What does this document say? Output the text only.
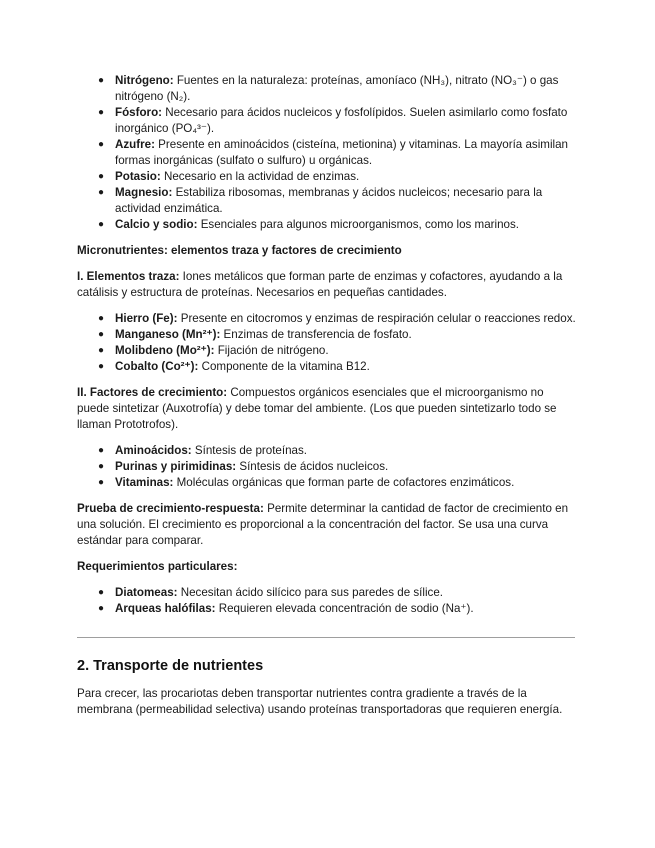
● Nitrógeno: Fuentes en la naturaleza: proteínas, amoníaco (NH₃), nitrato (NO₃⁻) o gas nitrógeno (N₂).
● Fósforo: Necesario para ácidos nucleicos y fosfolípidos. Suelen asimilarlo como fosfato inorgánico (PO₄³⁻).
● Azufre: Presente en aminoácidos (cisteína, metionina) y vitaminas. La mayoría asimilan formas inorgánicas (sulfato o sulfuro) u orgánicas.
● Potasio: Necesario en la actividad de enzimas.
● Magnesio: Estabiliza ribosomas, membranas y ácidos nucleicos; necesario para la actividad enzimática.
● Calcio y sodio: Esenciales para algunos microorganismos, como los marinos.

Micronutrientes: elementos traza y factores de crecimiento

I. Elementos traza: Iones metálicos que forman parte de enzimas y cofactores, ayudando a la catálisis y estructura de proteínas. Necesarios en pequeñas cantidades.

● Hierro (Fe): Presente en citocromos y enzimas de respiración celular o reacciones redox.
● Manganeso (Mn²⁺): Enzimas de transferencia de fosfato.
● Molibdeno (Mo²⁺): Fijación de nitrógeno.
● Cobalto (Co²⁺): Componente de la vitamina B12.

II. Factores de crecimiento: Compuestos orgánicos esenciales que el microorganismo no puede sintetizar (Auxotrofía) y debe tomar del ambiente. (Los que pueden sintetizarlo todo se llaman Prototrofos).

● Aminoácidos: Síntesis de proteínas.
● Purinas y pirimidinas: Síntesis de ácidos nucleicos.
● Vitaminas: Moléculas orgánicas que forman parte de cofactores enzimáticos.

Prueba de crecimiento-respuesta: Permite determinar la cantidad de factor de crecimiento en una solución. El crecimiento es proporcional a la concentración del factor. Se usa una curva estándar para comparar.

Requerimientos particulares:

● Diatomeas: Necesitan ácido silícico para sus paredes de sílice.
● Arqueas halófilas: Requieren elevada concentración de sodio (Na⁺).
2. Transporte de nutrientes

Para crecer, las procariotas deben transportar nutrientes contra gradiente a través de la membrana (permeabilidad selectiva) usando proteínas transportadoras que requieren energía.
